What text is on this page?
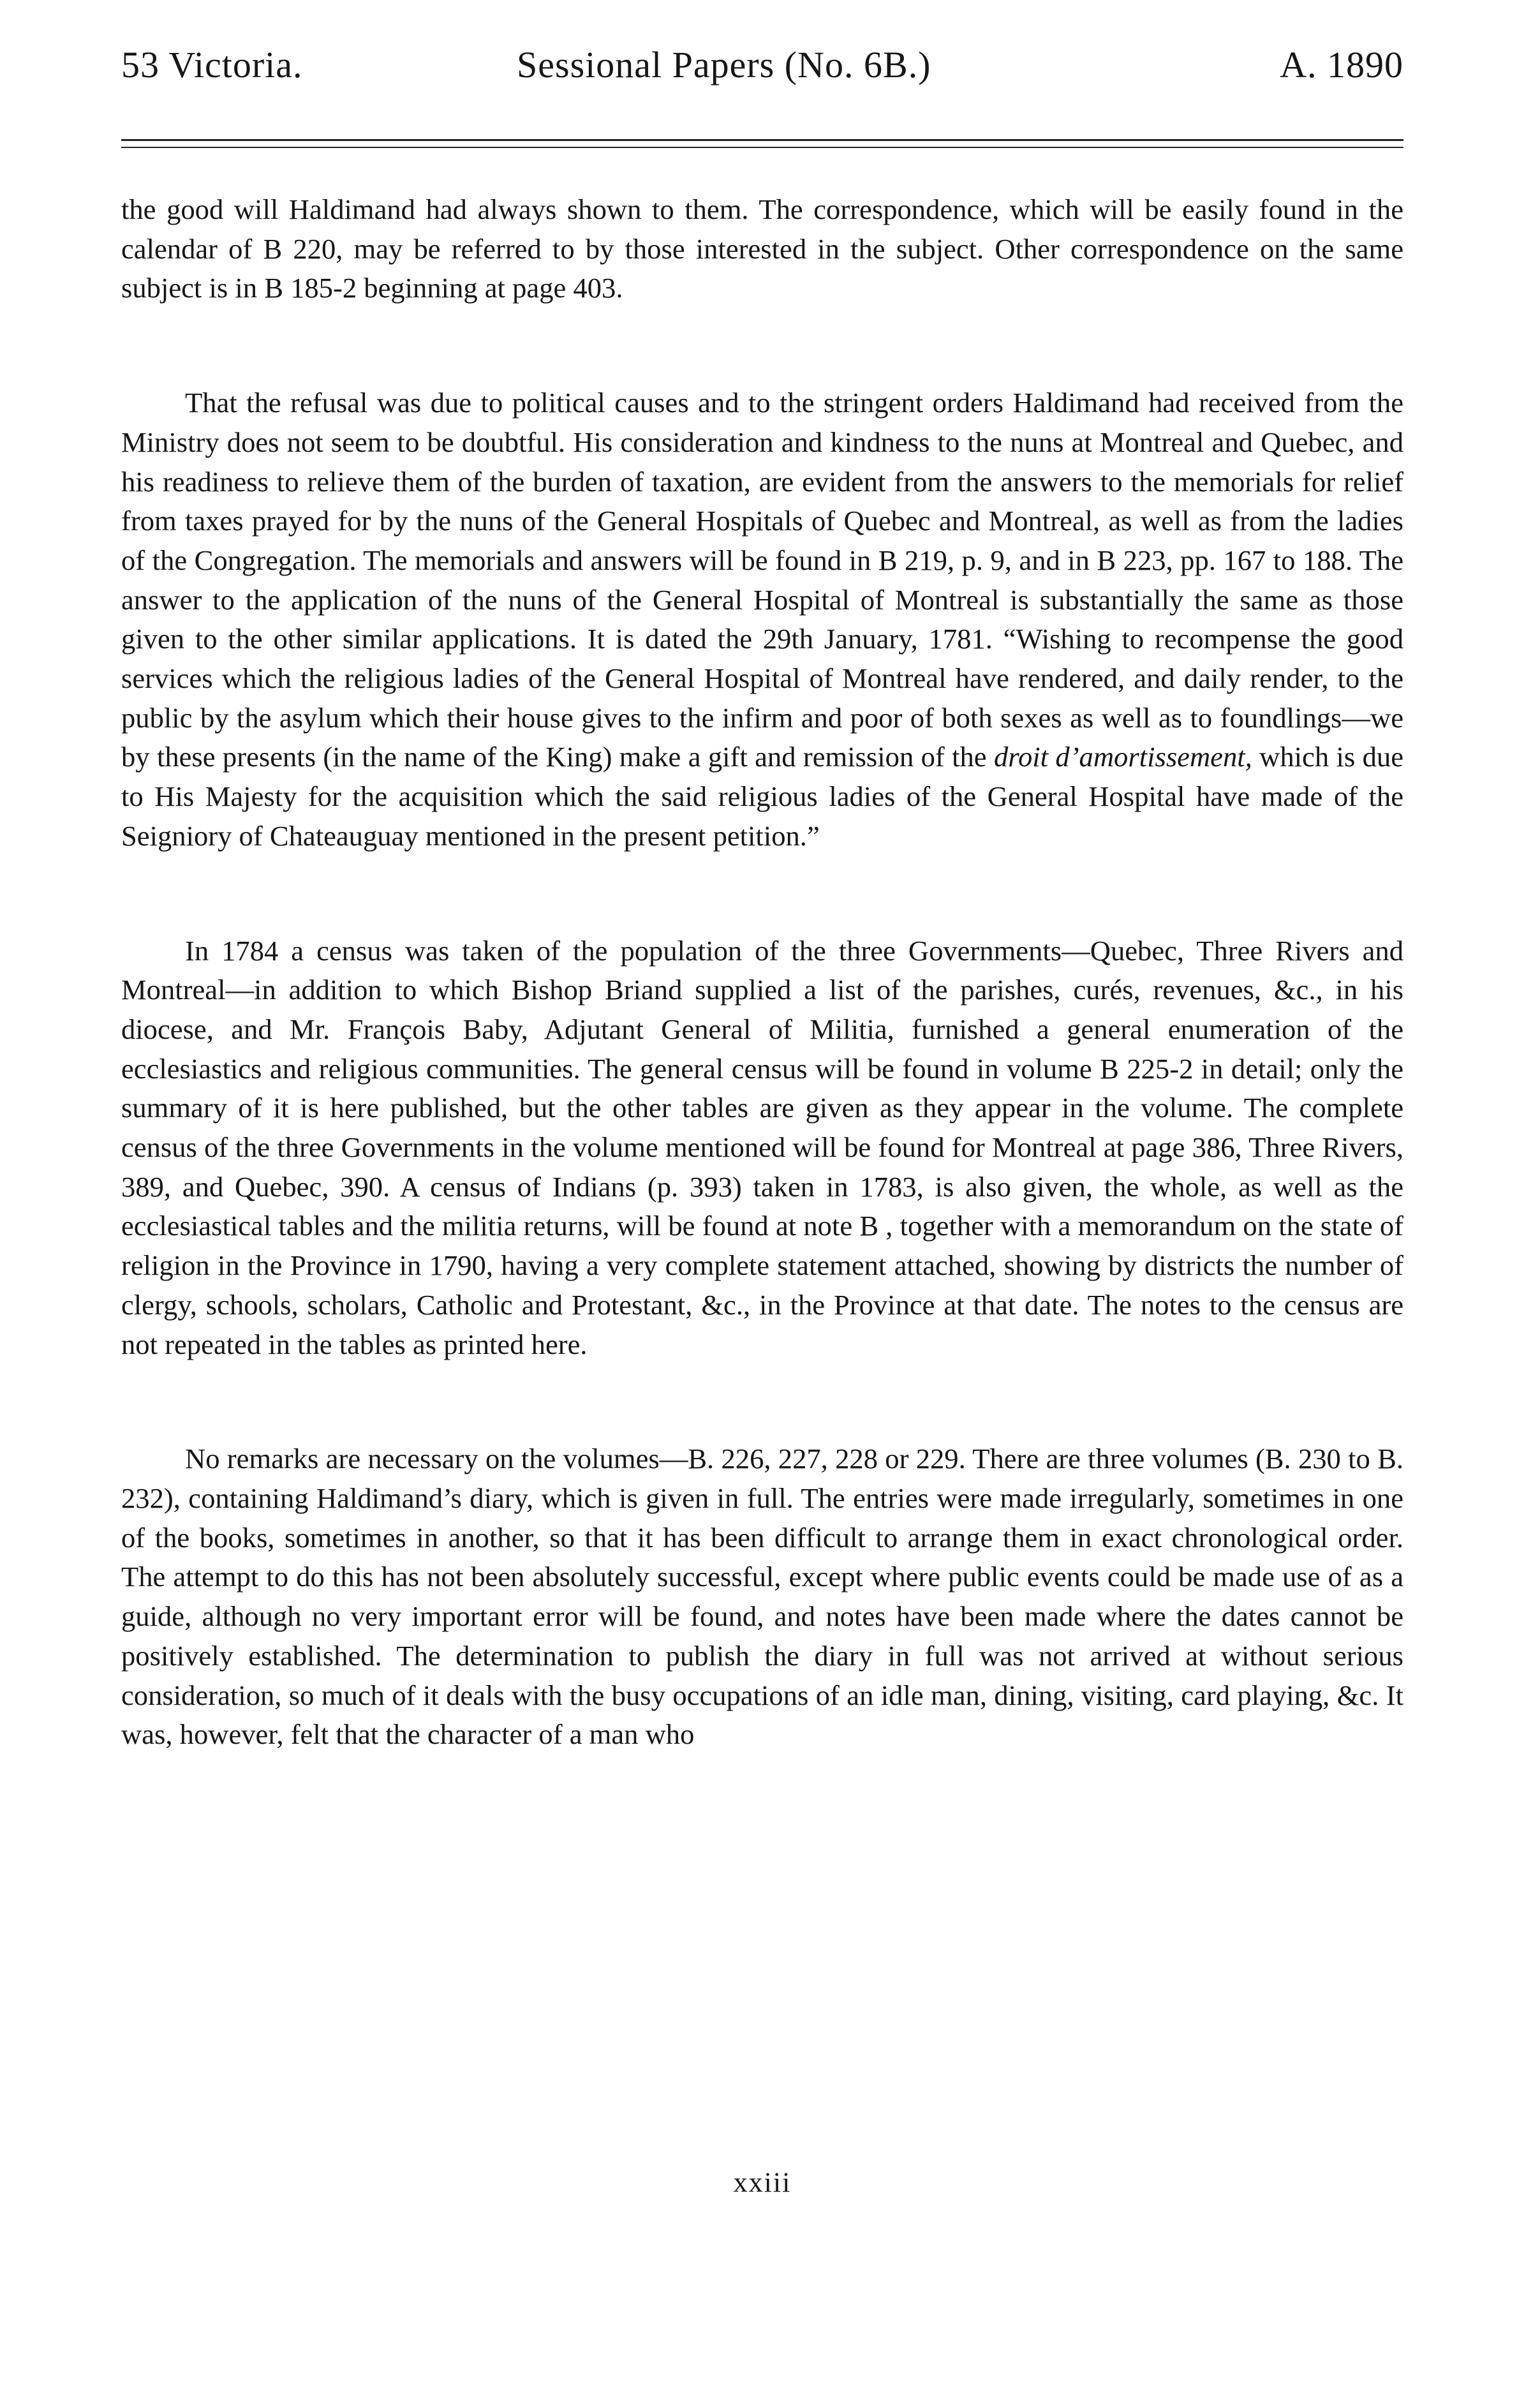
53 Victoria.	Sessional Papers (No. 6B.)	A. 1890

the good will Haldimand had always shown to them. The correspondence, which will be easily found in the calendar of B 220, may be referred to by those interested in the subject. Other correspondence on the same subject is in B 185-2 beginning at page 403.

That the refusal was due to political causes and to the stringent orders Haldimand had received from the Ministry does not seem to be doubtful. His consideration and kindness to the nuns at Montreal and Quebec, and his readiness to relieve them of the burden of taxation, are evident from the answers to the memorials for relief from taxes prayed for by the nuns of the General Hospitals of Quebec and Montreal, as well as from the ladies of the Congregation. The memorials and answers will be found in B 219, p. 9, and in B 223, pp. 167 to 188. The answer to the application of the nuns of the General Hospital of Montreal is substantially the same as those given to the other similar applications. It is dated the 29th January, 1781. “Wishing to recompense the good services which the religious ladies of the General Hospital of Montreal have rendered, and daily render, to the public by the asylum which their house gives to the infirm and poor of both sexes as well as to foundlings—we by these presents (in the name of the King) make a gift and remission of the droit d’amortissement, which is due to His Majesty for the acquisition which the said religious ladies of the General Hospital have made of the Seigniory of Chateauguay mentioned in the present petition.”

In 1784 a census was taken of the population of the three Governments—Quebec, Three Rivers and Montreal—in addition to which Bishop Briand supplied a list of the parishes, curés, revenues, &c., in his diocese, and Mr. François Baby, Adjutant General of Militia, furnished a general enumeration of the ecclesiastics and religious communities. The general census will be found in volume B 225-2 in detail; only the summary of it is here published, but the other tables are given as they appear in the volume. The complete census of the three Governments in the volume mentioned will be found for Montreal at page 386, Three Rivers, 389, and Quebec, 390. A census of Indians (p. 393) taken in 1783, is also given, the whole, as well as the ecclesiastical tables and the militia returns, will be found at note B , together with a memorandum on the state of religion in the Province in 1790, having a very complete statement attached, showing by districts the number of clergy, schools, scholars, Catholic and Protestant, &c., in the Province at that date. The notes to the census are not repeated in the tables as printed here.

No remarks are necessary on the volumes—B. 226, 227, 228 or 229. There are three volumes (B. 230 to B. 232), containing Haldimand’s diary, which is given in full. The entries were made irregularly, sometimes in one of the books, sometimes in another, so that it has been difficult to arrange them in exact chronological order. The attempt to do this has not been absolutely successful, except where public events could be made use of as a guide, although no very important error will be found, and notes have been made where the dates cannot be positively established. The determination to publish the diary in full was not arrived at without serious consideration, so much of it deals with the busy occupations of an idle man, dining, visiting, card playing, &c. It was, however, felt that the character of a man who

xxiii
